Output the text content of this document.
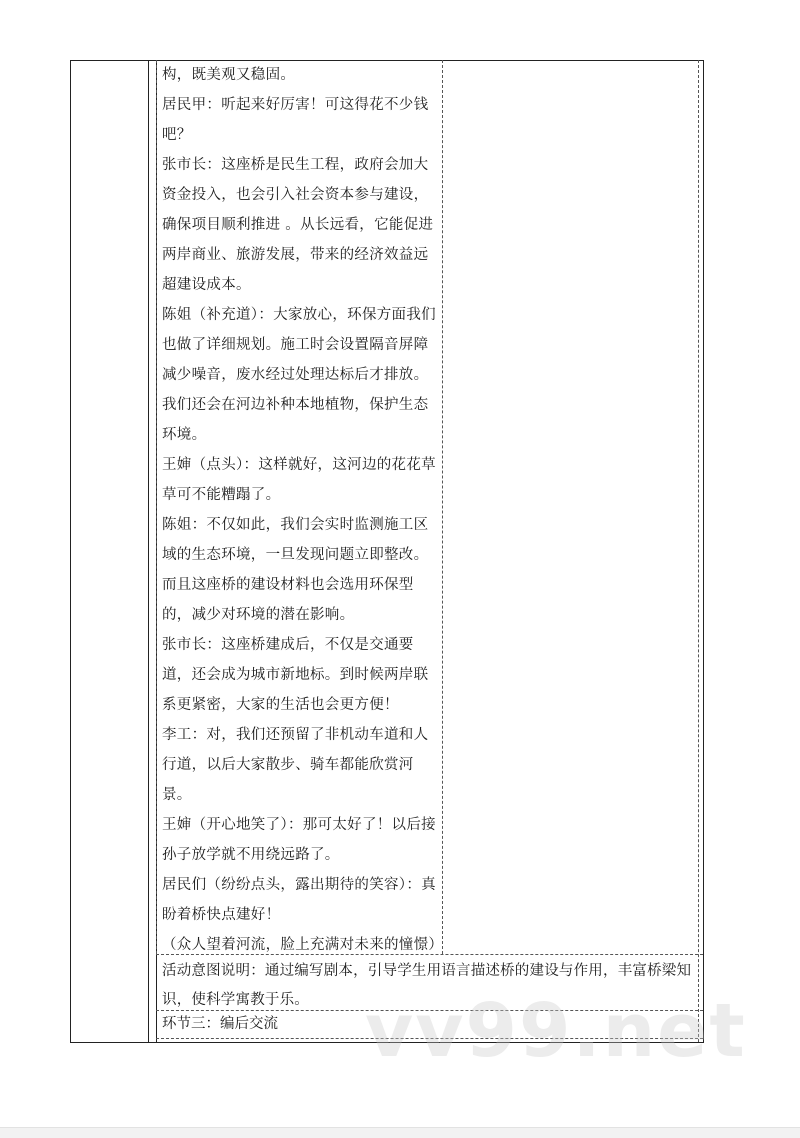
构，既美观又稳固。

居民甲：听起来好厉害！可这得花不少钱吧？

张市长：这座桥是民生工程，政府会加大资金投入，也会引入社会资本参与建设，确保项目顺利推进 。从长远看，它能促进两岸商业、旅游发展，带来的经济效益远超建设成本。

陈姐（补充道）：大家放心，环保方面我们也做了详细规划。施工时会设置隔音屏障减少噪音，废水经过处理达标后才排放。我们还会在河边补种本地植物，保护生态环境。

王婶（点头）：这样就好，这河边的花花草草可不能糟蹋了。

陈姐：不仅如此，我们会实时监测施工区域的生态环境，一旦发现问题立即整改。而且这座桥的建设材料也会选用环保型的，减少对环境的潜在影响。

张市长：这座桥建成后，不仅是交通要道，还会成为城市新地标。到时候两岸联系更紧密，大家的生活也会更方便！

李工：对，我们还预留了非机动车道和人行道，以后大家散步、骑车都能欣赏河景。

王婶（开心地笑了）：那可太好了！以后接孙子放学就不用绕远路了。

居民们（纷纷点头，露出期待的笑容）：真盼着桥快点建好！

（众人望着河流，脸上充满对未来的憧憬）

活动意图说明：通过编写剧本，引导学生用语言描述桥的建设与作用，丰富桥梁知识，使科学寓教于乐。
环节三：编后交流 vv99.net
